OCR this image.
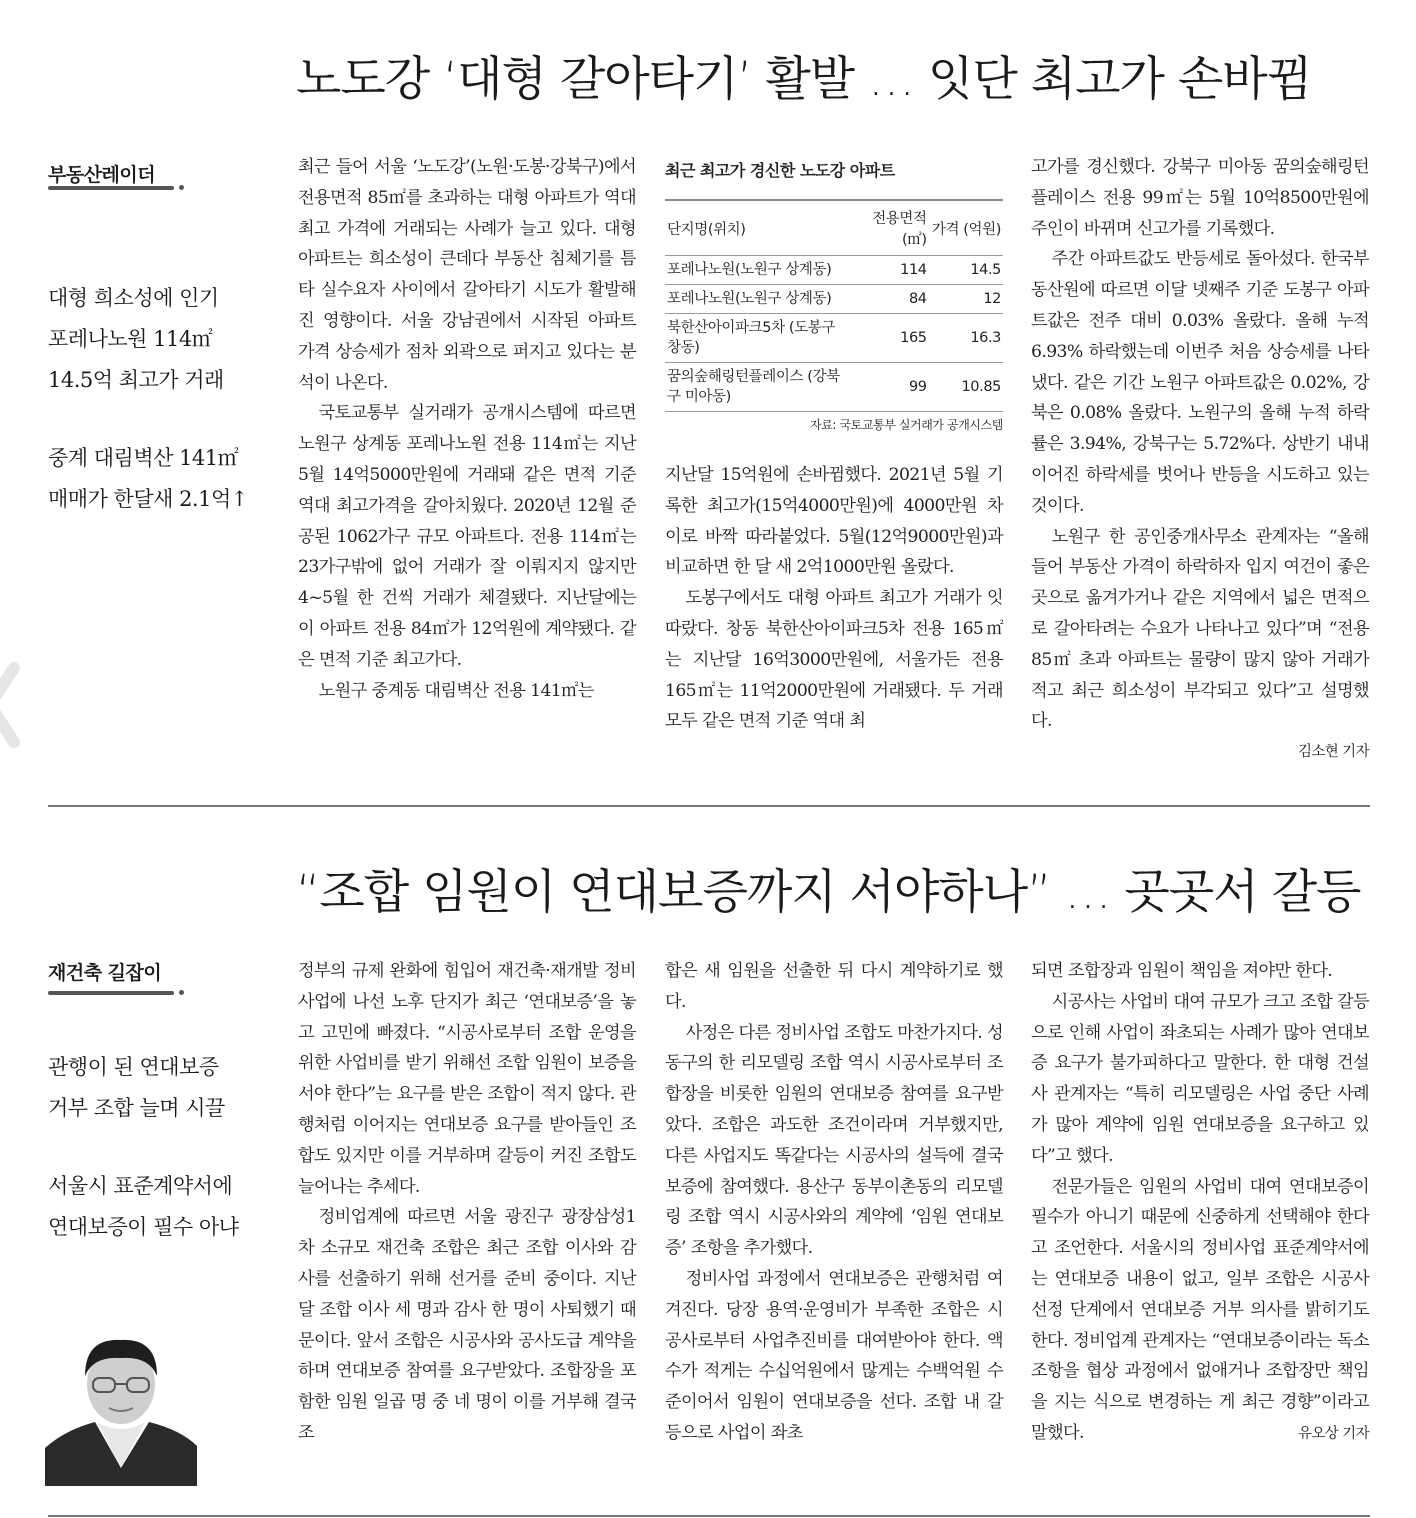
노도강 ‘대형 갈아타기’ 활발 … 잇단 최고가 손바뀜
부동산레이더

대형 희소성에 인기

포레나노원 114㎡

14.5억 최고가 거래

중계 대림벽산 141㎡

매매가 한달새 2.1억↑

최근 들어 서울 ‘노도강’(노원·도봉·강북구)에서 전용면적 85㎡를 초과하는 대형 아파트가 역대 최고 가격에 거래되는 사례가 늘고 있다. 대형 아파트는 희소성이 큰데다 부동산 침체기를 틈타 실수요자 사이에서 갈아타기 시도가 활발해진 영향이다. 서울 강남권에서 시작된 아파트 가격 상승세가 점차 외곽으로 퍼지고 있다는 분석이 나온다.

국토교통부 실거래가 공개시스템에 따르면 노원구 상계동 포레나노원 전용 114㎡는 지난 5월 14억5000만원에 거래돼 같은 면적 기준 역대 최고가격을 갈아치웠다. 2020년 12월 준공된 1062가구 규모 아파트다. 전용 114㎡는 23가구밖에 없어 거래가 잘 이뤄지지 않지만 4~5월 한 건씩 거래가 체결됐다. 지난달에는 이 아파트 전용 84㎡가 12억원에 계약됐다. 같은 면적 기준 최고가다.

노원구 중계동 대림벽산 전용 141㎡는

최근 최고가 경신한 노도강 아파트
단지명(위치)	전용면적 (㎡)	가격 (억원)
포레나노원(노원구 상계동)	114	14.5
포레나노원(노원구 상계동)	84	12
북한산아이파크5차 (도봉구 창동)	165	16.3
꿈의숲해링턴플레이스 (강북구 미아동)	99	10.85
자료: 국토교통부 실거래가 공개시스템

지난달 15억원에 손바뀜했다. 2021년 5월 기록한 최고가(15억4000만원)에 4000만원 차이로 바짝 따라붙었다. 5월(12억9000만원)과 비교하면 한 달 새 2억1000만원 올랐다.

도봉구에서도 대형 아파트 최고가 거래가 잇따랐다. 창동 북한산아이파크5차 전용 165㎡는 지난달 16억3000만원에, 서울가든 전용 165㎡는 11억2000만원에 거래됐다. 두 거래 모두 같은 면적 기준 역대 최

고가를 경신했다. 강북구 미아동 꿈의숲해링턴플레이스 전용 99㎡는 5월 10억8500만원에 주인이 바뀌며 신고가를 기록했다.

주간 아파트값도 반등세로 돌아섰다. 한국부동산원에 따르면 이달 넷째주 기준 도봉구 아파트값은 전주 대비 0.03% 올랐다. 올해 누적 6.93% 하락했는데 이번주 처음 상승세를 나타냈다. 같은 기간 노원구 아파트값은 0.02%, 강북은 0.08% 올랐다. 노원구의 올해 누적 하락률은 3.94%, 강북구는 5.72%다. 상반기 내내 이어진 하락세를 벗어나 반등을 시도하고 있는 것이다.

노원구 한 공인중개사무소 관계자는 “올해 들어 부동산 가격이 하락하자 입지 여건이 좋은 곳으로 옮겨가거나 같은 지역에서 넓은 면적으로 갈아타려는 수요가 나타나고 있다”며 “전용 85㎡ 초과 아파트는 물량이 많지 않아 거래가 적고 최근 희소성이 부각되고 있다”고 설명했다.

김소현 기자
“조합 임원이 연대보증까지 서야하나” … 곳곳서 갈등
재건축 길잡이

관행이 된 연대보증

거부 조합 늘며 시끌

서울시 표준계약서에

연대보증이 필수 아냐

정부의 규제 완화에 힘입어 재건축·재개발 정비사업에 나선 노후 단지가 최근 ‘연대보증’을 놓고 고민에 빠졌다. “시공사로부터 조합 운영을 위한 사업비를 받기 위해선 조합 임원이 보증을 서야 한다”는 요구를 받은 조합이 적지 않다. 관행처럼 이어지는 연대보증 요구를 받아들인 조합도 있지만 이를 거부하며 갈등이 커진 조합도 늘어나는 추세다.

정비업계에 따르면 서울 광진구 광장삼성1차 소규모 재건축 조합은 최근 조합 이사와 감사를 선출하기 위해 선거를 준비 중이다. 지난달 조합 이사 세 명과 감사 한 명이 사퇴했기 때문이다. 앞서 조합은 시공사와 공사도급 계약을 하며 연대보증 참여를 요구받았다. 조합장을 포함한 임원 일곱 명 중 네 명이 이를 거부해 결국 조

합은 새 임원을 선출한 뒤 다시 계약하기로 했다.

사정은 다른 정비사업 조합도 마찬가지다. 성동구의 한 리모델링 조합 역시 시공사로부터 조합장을 비롯한 임원의 연대보증 참여를 요구받았다. 조합은 과도한 조건이라며 거부했지만, 다른 사업지도 똑같다는 시공사의 설득에 결국 보증에 참여했다. 용산구 동부이촌동의 리모델링 조합 역시 시공사와의 계약에 ‘임원 연대보증’ 조항을 추가했다.

정비사업 과정에서 연대보증은 관행처럼 여겨진다. 당장 용역·운영비가 부족한 조합은 시공사로부터 사업추진비를 대여받아야 한다. 액수가 적게는 수십억원에서 많게는 수백억원 수준이어서 임원이 연대보증을 선다. 조합 내 갈등으로 사업이 좌초

되면 조합장과 임원이 책임을 져야만 한다.

시공사는 사업비 대여 규모가 크고 조합 갈등으로 인해 사업이 좌초되는 사례가 많아 연대보증 요구가 불가피하다고 말한다. 한 대형 건설사 관계자는 “특히 리모델링은 사업 중단 사례가 많아 계약에 임원 연대보증을 요구하고 있다”고 했다.

전문가들은 임원의 사업비 대여 연대보증이 필수가 아니기 때문에 신중하게 선택해야 한다고 조언한다. 서울시의 정비사업 표준계약서에는 연대보증 내용이 없고, 일부 조합은 시공사 선정 단계에서 연대보증 거부 의사를 밝히기도 한다. 정비업계 관계자는 “연대보증이라는 독소조항을 협상 과정에서 없애거나 조합장만 책임을 지는 식으로 변경하는 게 최근 경향”이라고 말했다.	유오상 기자
